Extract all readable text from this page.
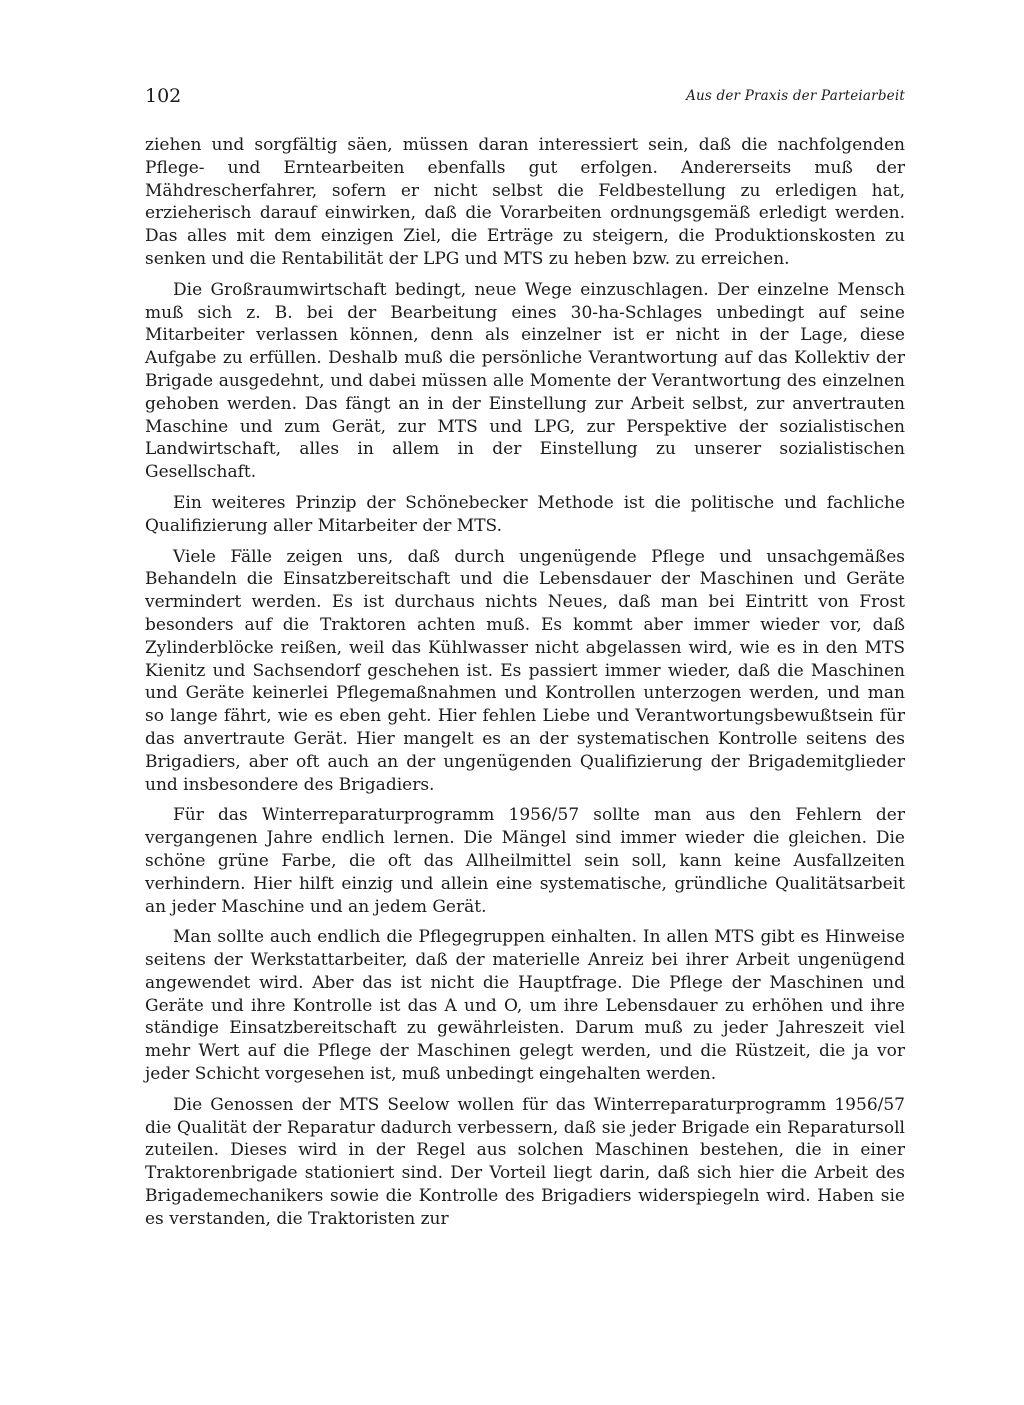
102	Aus der Praxis der Parteiarbeit

ziehen und sorgfältig säen, müssen daran interessiert sein, daß die nachfolgenden Pflege- und Erntearbeiten ebenfalls gut erfolgen. Andererseits muß der Mähdrescherfahrer, sofern er nicht selbst die Feldbestellung zu erledigen hat, erzieherisch darauf einwirken, daß die Vorarbeiten ordnungsgemäß erledigt werden. Das alles mit dem einzigen Ziel, die Erträge zu steigern, die Produktionskosten zu senken und die Rentabilität der LPG und MTS zu heben bzw. zu erreichen.

Die Großraumwirtschaft bedingt, neue Wege einzuschlagen. Der einzelne Mensch muß sich z. B. bei der Bearbeitung eines 30-ha-Schlages unbedingt auf seine Mitarbeiter verlassen können, denn als einzelner ist er nicht in der Lage, diese Aufgabe zu erfüllen. Deshalb muß die persönliche Verantwortung auf das Kollektiv der Brigade ausgedehnt, und dabei müssen alle Momente der Verantwortung des einzelnen gehoben werden. Das fängt an in der Einstellung zur Arbeit selbst, zur anvertrauten Maschine und zum Gerät, zur MTS und LPG, zur Perspektive der sozialistischen Landwirtschaft, alles in allem in der Einstellung zu unserer sozialistischen Gesellschaft.

Ein weiteres Prinzip der Schönebecker Methode ist die politische und fachliche Qualifizierung aller Mitarbeiter der MTS.

Viele Fälle zeigen uns, daß durch ungenügende Pflege und unsachgemäßes Behandeln die Einsatzbereitschaft und die Lebensdauer der Maschinen und Geräte vermindert werden. Es ist durchaus nichts Neues, daß man bei Eintritt von Frost besonders auf die Traktoren achten muß. Es kommt aber immer wieder vor, daß Zylinderblöcke reißen, weil das Kühlwasser nicht abgelassen wird, wie es in den MTS Kienitz und Sachsendorf geschehen ist. Es passiert immer wieder, daß die Maschinen und Geräte keinerlei Pflegemaßnahmen und Kontrollen unterzogen werden, und man so lange fährt, wie es eben geht. Hier fehlen Liebe und Verantwortungsbewußtsein für das anvertraute Gerät. Hier mangelt es an der systematischen Kontrolle seitens des Brigadiers, aber oft auch an der ungenügenden Qualifizierung der Brigademitglieder und insbesondere des Brigadiers.

Für das Winterreparaturprogramm 1956/57 sollte man aus den Fehlern der vergangenen Jahre endlich lernen. Die Mängel sind immer wieder die gleichen. Die schöne grüne Farbe, die oft das Allheilmittel sein soll, kann keine Ausfallzeiten verhindern. Hier hilft einzig und allein eine systematische, gründliche Qualitätsarbeit an jeder Maschine und an jedem Gerät.

Man sollte auch endlich die Pflegegruppen einhalten. In allen MTS gibt es Hinweise seitens der Werkstattarbeiter, daß der materielle Anreiz bei ihrer Arbeit ungenügend angewendet wird. Aber das ist nicht die Hauptfrage. Die Pflege der Maschinen und Geräte und ihre Kontrolle ist das A und O, um ihre Lebensdauer zu erhöhen und ihre ständige Einsatzbereitschaft zu gewährleisten. Darum muß zu jeder Jahreszeit viel mehr Wert auf die Pflege der Maschinen gelegt werden, und die Rüstzeit, die ja vor jeder Schicht vorgesehen ist, muß unbedingt eingehalten werden.

Die Genossen der MTS Seelow wollen für das Winterreparaturprogramm 1956/57 die Qualität der Reparatur dadurch verbessern, daß sie jeder Brigade ein Reparatursoll zuteilen. Dieses wird in der Regel aus solchen Maschinen bestehen, die in einer Traktorenbrigade stationiert sind. Der Vorteil liegt darin, daß sich hier die Arbeit des Brigademechanikers sowie die Kontrolle des Brigadiers widerspiegeln wird. Haben sie es verstanden, die Traktoristen zur
